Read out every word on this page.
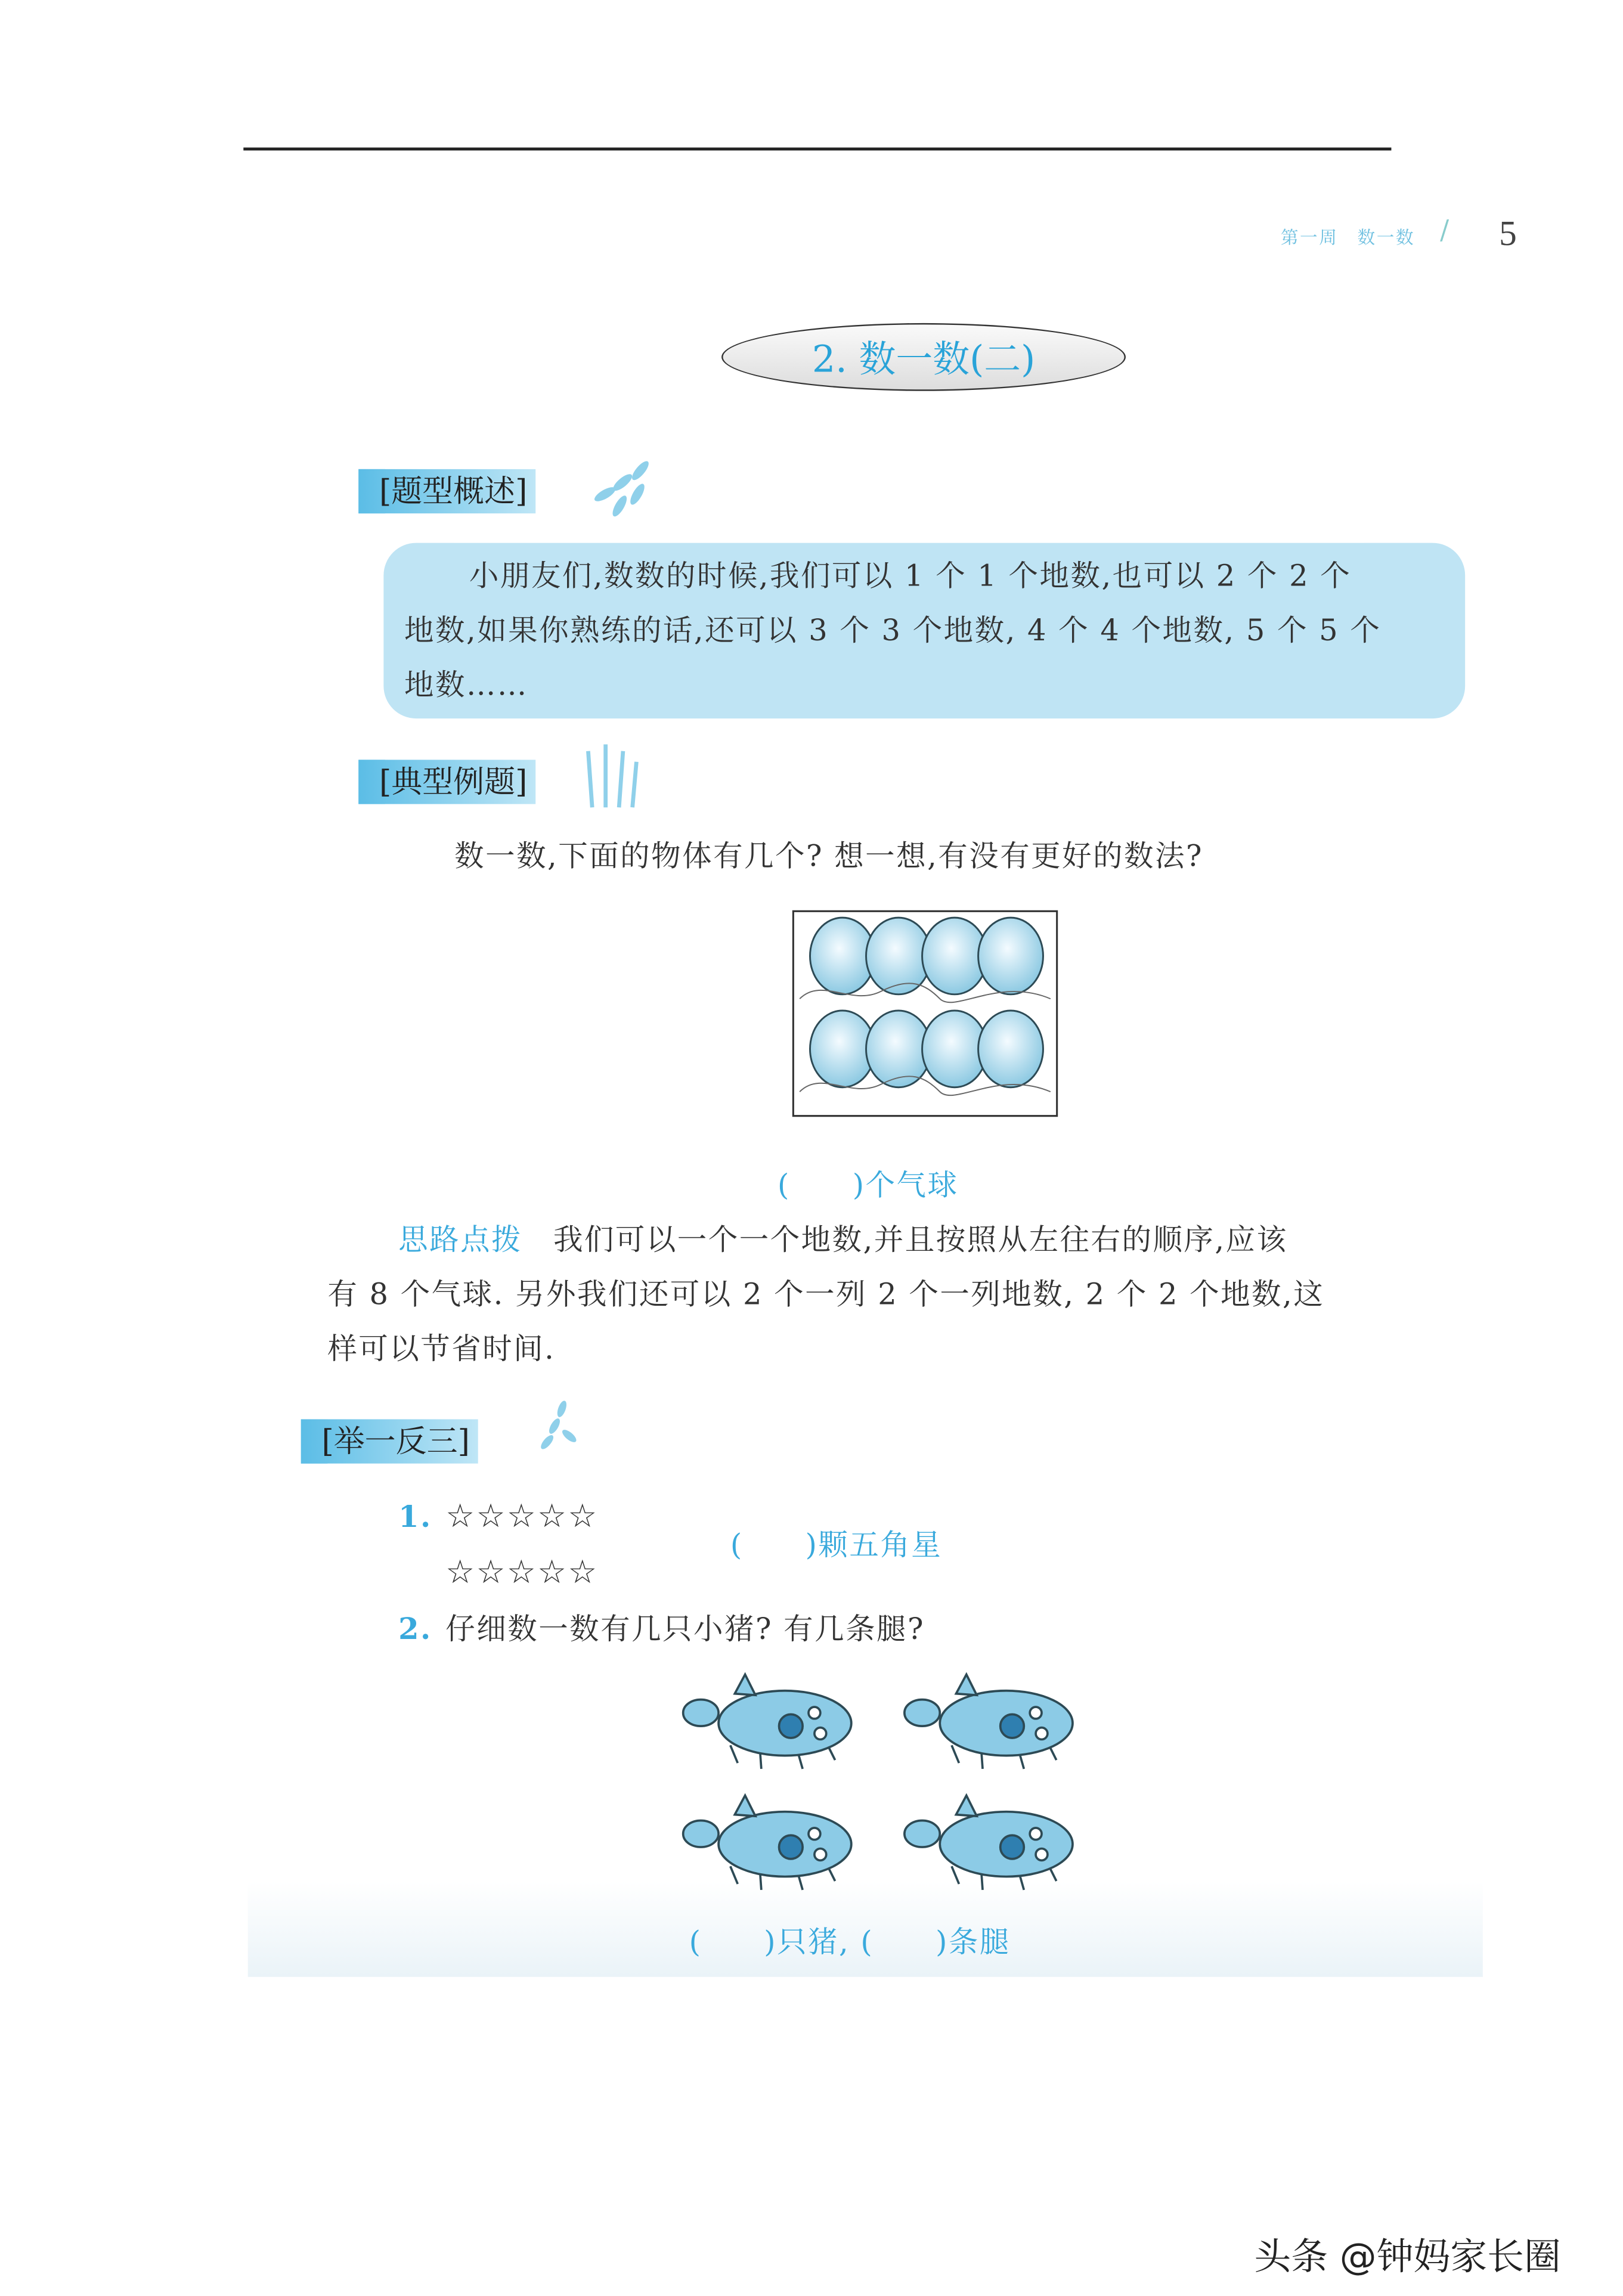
第一周　数一数 /	5
2. 数一数(二)
[题型概述]
小朋友们,数数的时候,我们可以 1 个 1 个地数,也可以 2 个 2 个
地数,如果你熟练的话,还可以 3 个 3 个地数, 4 个 4 个地数, 5 个 5 个
地数……
[典型例题]
数一数,下面的物体有几个? 想一想,有没有更好的数法?
(　　)个气球
思路点拨　	我们可以一个一个地数,并且按照从左往右的顺序,应该
有 8 个气球. 另外我们还可以 2 个一列 2 个一列地数, 2 个 2 个地数,这
样可以节省时间.
[举一反三]
1. ☆☆☆☆☆
☆☆☆☆☆
(　　)颗五角星
2. 仔细数一数有几只小猪? 有几条腿?
(　　)只猪, (　　)条腿
头条 @钟妈家长圈
